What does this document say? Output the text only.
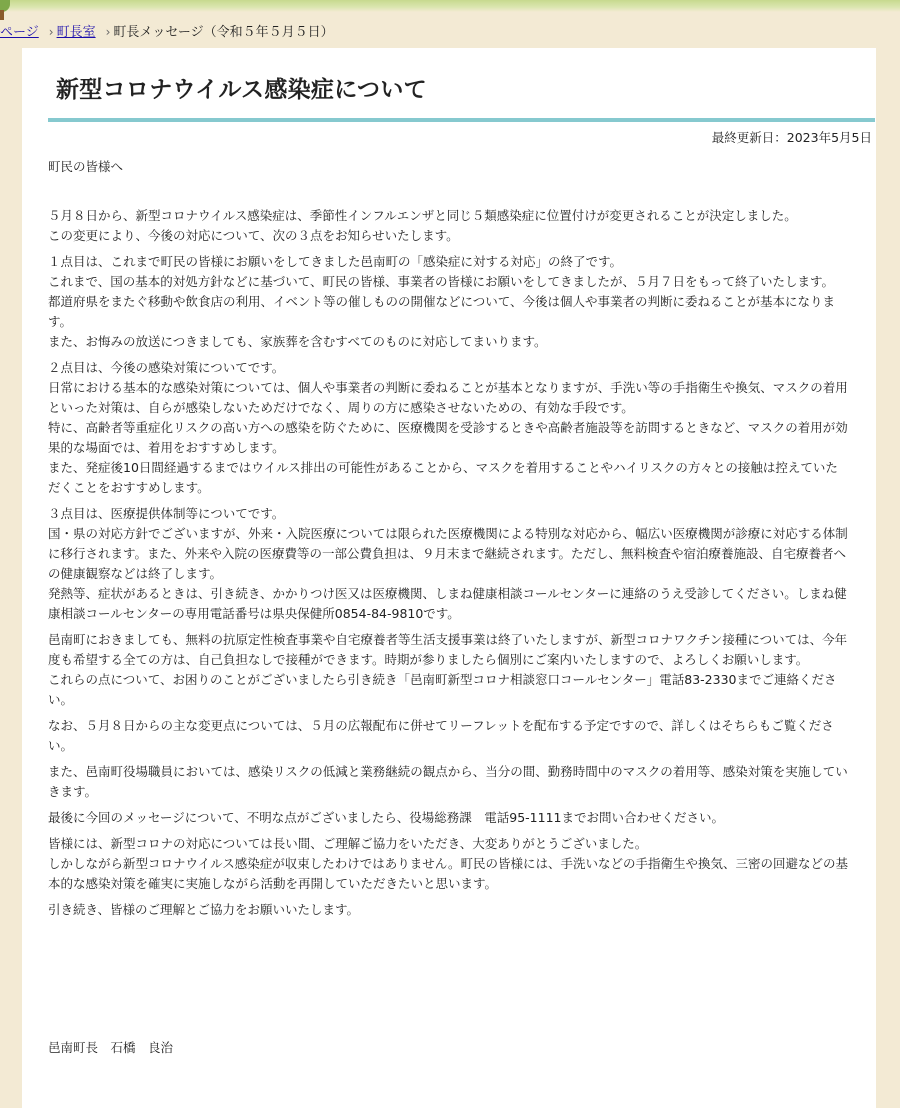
ページ › 町長室 › 町長メッセージ（令和５年５月５日）
新型コロナウイルス感染症について
最終更新日：2023年5月5日
町民の皆様へ

５月８日から、新型コロナウイルス感染症は、季節性インフルエンザと同じ５類感染症に位置付けが変更されることが決定しました。
この変更により、今後の対応について、次の３点をお知らせいたします。

１点目は、これまで町民の皆様にお願いをしてきました邑南町の「感染症に対する対応」の終了です。
これまで、国の基本的対処方針などに基づいて、町民の皆様、事業者の皆様にお願いをしてきましたが、５月７日をもって終了いたします。
都道府県をまたぐ移動や飲食店の利用、イベント等の催しものの開催などについて、今後は個人や事業者の判断に委ねることが基本になります。
また、お悔みの放送につきましても、家族葬を含むすべてのものに対応してまいります。

２点目は、今後の感染対策についてです。
日常における基本的な感染対策については、個人や事業者の判断に委ねることが基本となりますが、手洗い等の手指衛生や換気、マスクの着用といった対策は、自らが感染しないためだけでなく、周りの方に感染させないための、有効な手段です。
特に、高齢者等重症化リスクの高い方への感染を防ぐために、医療機関を受診するときや高齢者施設等を訪問するときなど、マスクの着用が効果的な場面では、着用をおすすめします。
また、発症後10日間経過するまではウイルス排出の可能性があることから、マスクを着用することやハイリスクの方々との接触は控えていただくことをおすすめします。

３点目は、医療提供体制等についてです。
国・県の対応方針でございますが、外来・入院医療については限られた医療機関による特別な対応から、幅広い医療機関が診療に対応する体制に移行されます。また、外来や入院の医療費等の一部公費負担は、９月末まで継続されます。ただし、無料検査や宿泊療養施設、自宅療養者への健康観察などは終了します。
発熱等、症状があるときは、引き続き、かかりつけ医又は医療機関、しまね健康相談コールセンターに連絡のうえ受診してください。しまね健康相談コールセンターの専用電話番号は県央保健所0854-84-9810です。

邑南町におきましても、無料の抗原定性検査事業や自宅療養者等生活支援事業は終了いたしますが、新型コロナワクチン接種については、今年度も希望する全ての方は、自己負担なしで接種ができます。時期が参りましたら個別にご案内いたしますので、よろしくお願いします。
これらの点について、お困りのことがございましたら引き続き「邑南町新型コロナ相談窓口コールセンター」電話83-2330までご連絡ください。

なお、５月８日からの主な変更点については、５月の広報配布に併せてリーフレットを配布する予定ですので、詳しくはそちらもご覧ください。

また、邑南町役場職員においては、感染リスクの低減と業務継続の観点から、当分の間、勤務時間中のマスクの着用等、感染対策を実施していきます。

最後に今回のメッセージについて、不明な点がございましたら、役場総務課　電話95-1111までお問い合わせください。

皆様には、新型コロナの対応については長い間、ご理解ご協力をいただき、大変ありがとうございました。
しかしながら新型コロナウイルス感染症が収束したわけではありません。町民の皆様には、手洗いなどの手指衛生や換気、三密の回避などの基本的な感染対策を確実に実施しながら活動を再開していただきたいと思います。

引き続き、皆様のご理解とご協力をお願いいたします。

邑南町長　石橋　良治
